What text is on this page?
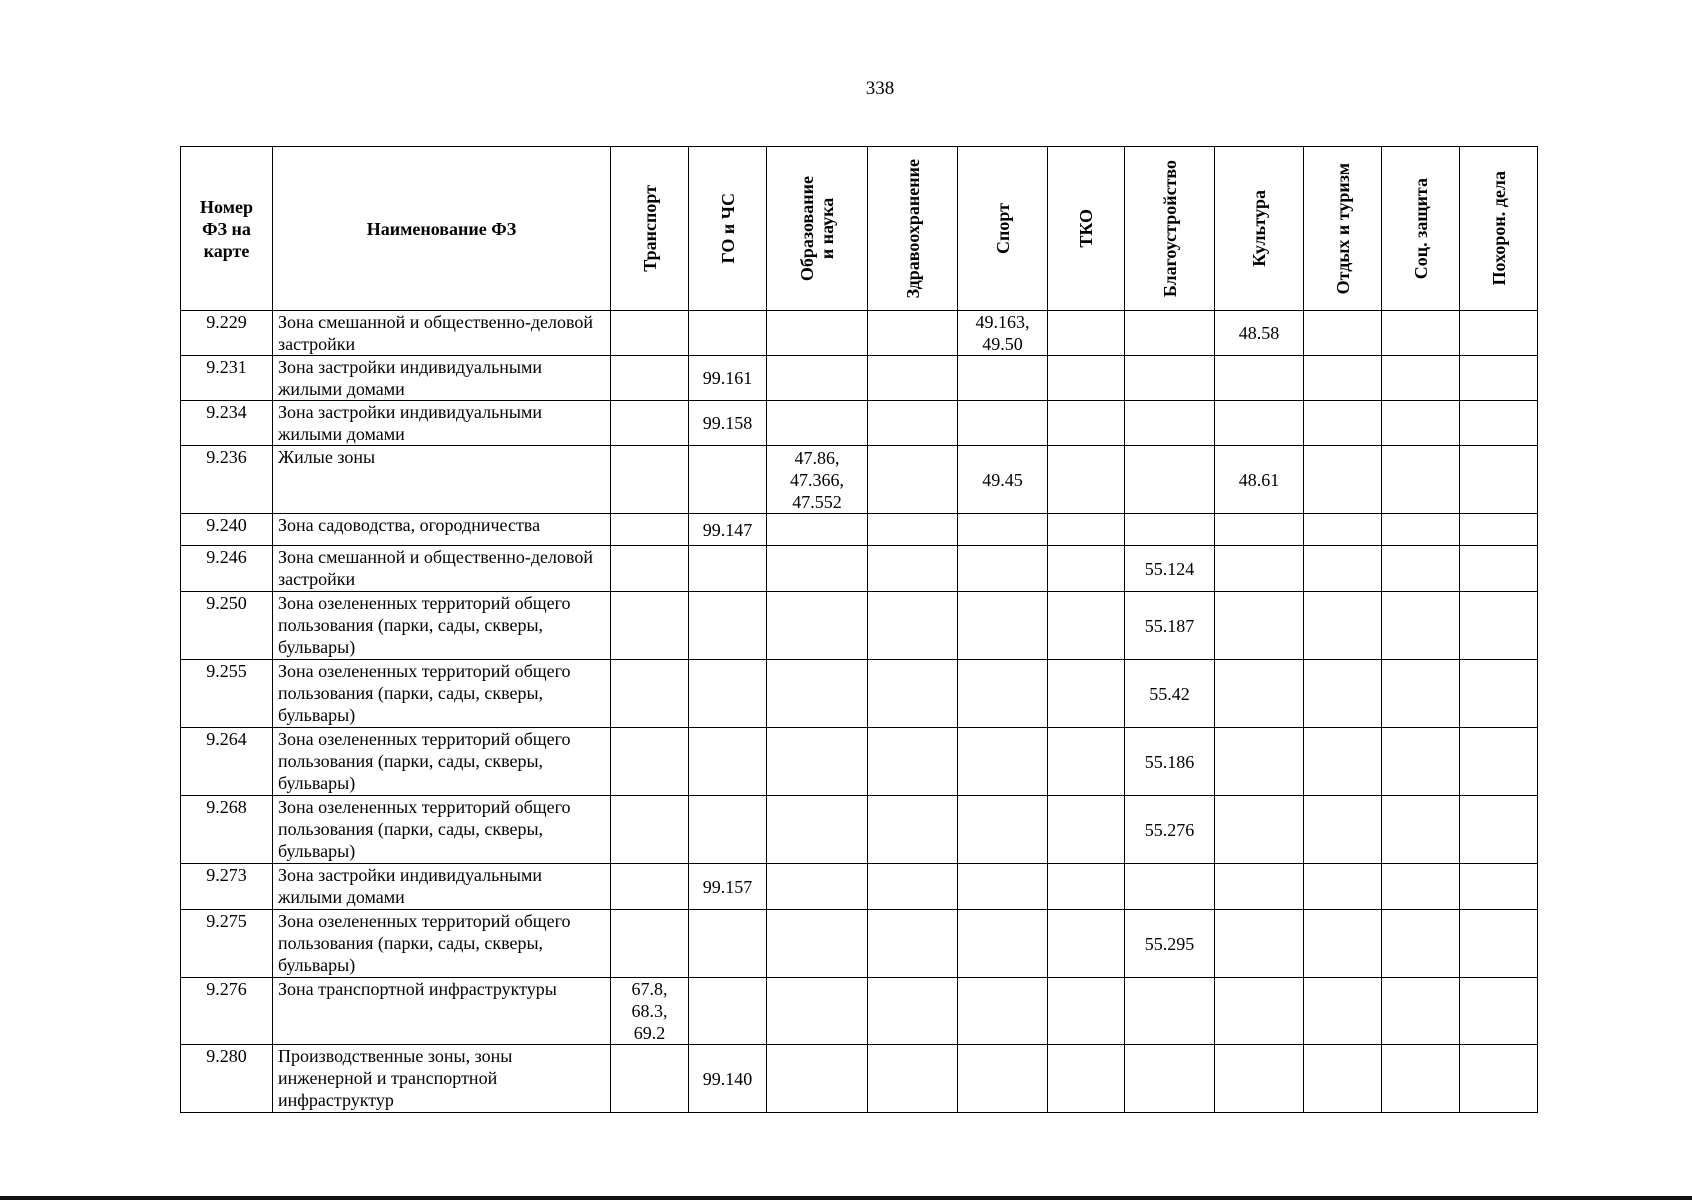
338
Номер
ФЗ на
карте	Наименование ФЗ	Транспорт	ГО и ЧС	Образование
и наука	Здравоохранение	Спорт	ТКО	Благоустройство	Культура	Отдых и туризм	Соц. защита	Похорон. дела

9.229	Зона смешанной и общественно-деловой застройки					49.163, 49.50			48.58			
9.231	Зона застройки индивидуальными жилыми домами		99.161									
9.234	Зона застройки индивидуальными жилыми домами		99.158									
9.236	Жилые зоны			47.86, 47.366, 47.552		49.45			48.61			
9.240	Зона садоводства, огородничества		99.147									
9.246	Зона смешанной и общественно-деловой застройки							55.124				
9.250	Зона озелененных территорий общего пользования (парки, сады, скверы, бульвары)							55.187				
9.255	Зона озелененных территорий общего пользования (парки, сады, скверы, бульвары)							55.42				
9.264	Зона озелененных территорий общего пользования (парки, сады, скверы, бульвары)							55.186				
9.268	Зона озелененных территорий общего пользования (парки, сады, скверы, бульвары)							55.276				
9.273	Зона застройки индивидуальными жилыми домами		99.157									
9.275	Зона озелененных территорий общего пользования (парки, сады, скверы, бульвары)							55.295				
9.276	Зона транспортной инфраструктуры	67.8, 68.3, 69.2										
9.280	Производственные зоны, зоны инженерной и транспортной инфраструктур		99.140									
